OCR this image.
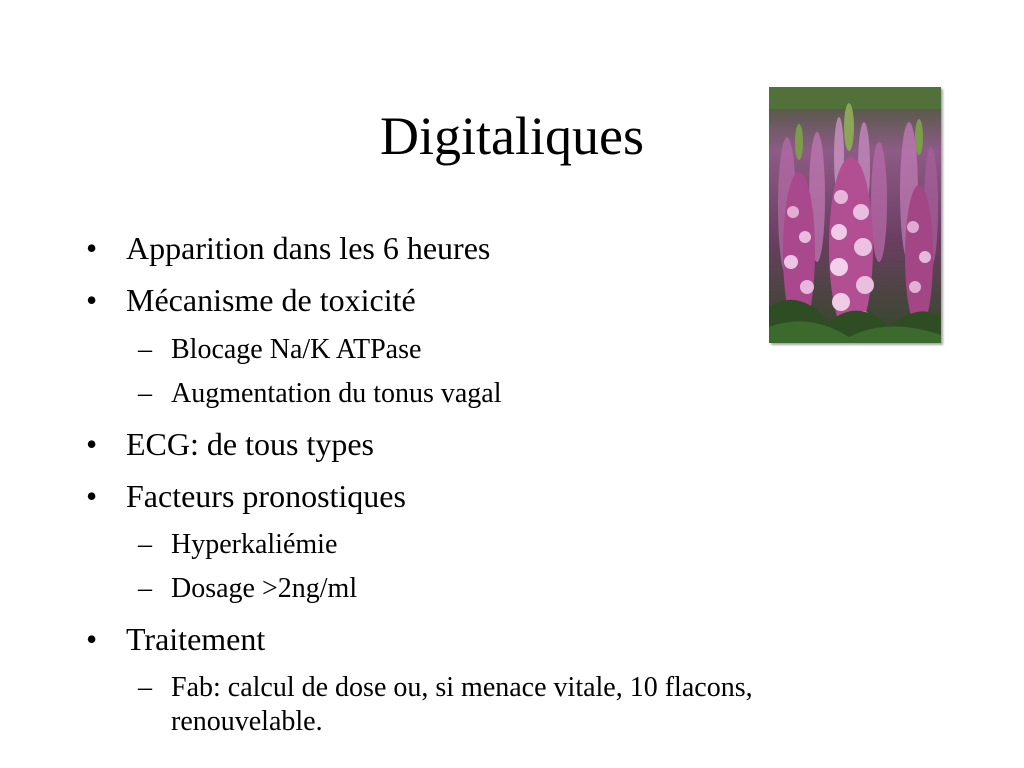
Digitaliques
• Apparition dans les 6 heures
• Mécanisme de toxicité
– Blocage Na/K ATPase
– Augmentation du tonus vagal
• ECG: de tous types
• Facteurs pronostiques
– Hyperkaliémie
– Dosage >2ng/ml
• Traitement
– Fab: calcul de dose ou, si menace vitale, 10 flacons, renouvelable.
